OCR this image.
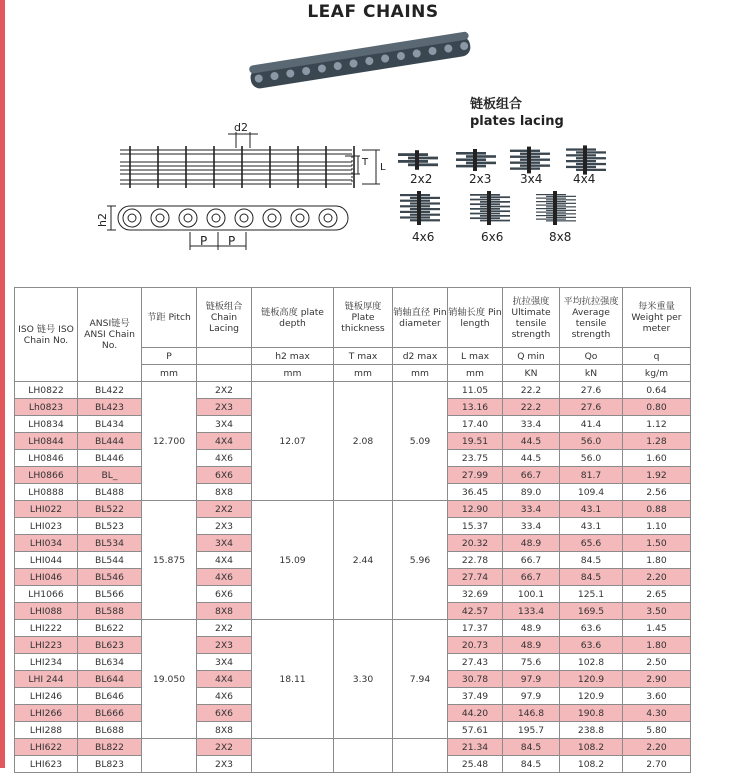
LEAF CHAINS
d2
T L
h2
P P
链板组合
plates lacing
2x2	2x3 3x4	4x4
4x6	6x6	8x8
ISO 链号 ISO Chain No.	ANSI链号 ANSI Chain No.	节距 Pitch	链板组合 Chain Lacing	链板高度 plate depth	链板厚度 Plate thickness	销轴直径 Pin diameter	销轴长度 Pin length	抗拉强度 Ultimate tensile strength	平均抗拉强度 Average tensile strength	每米重量 Weight per meter
		P		h2 max	T max	d2 max	L max	Q min	Qo	q
		mm		mm	mm	mm	mm	KN	kN	kg/m
LH0822	BL422	12.700	2X2	12.07	2.08	5.09	11.05	22.2	27.6	0.64
Lh0823	BL423		2X3				13.16	22.2	27.6	0.80
LH0834	BL434		3X4				17.40	33.4	41.4	1.12
LH0844	BL444		4X4				19.51	44.5	56.0	1.28
LH0846	BL446		4X6				23.75	44.5	56.0	1.60
LH0866	BL_		6X6				27.99	66.7	81.7	1.92
LH0888	BL488		8X8				36.45	89.0	109.4	2.56
LHI022	BL522	15.875	2X2	15.09	2.44	5.96	12.90	33.4	43.1	0.88
LHI023	BL523		2X3				15.37	33.4	43.1	1.10
LHI034	BL534		3X4				20.32	48.9	65.6	1.50
LHI044	BL544		4X4				22.78	66.7	84.5	1.80
LHI046	BL546		4X6				27.74	66.7	84.5	2.20
LH1066	BL566		6X6				32.69	100.1	125.1	2.65
LHI088	BL588		8X8				42.57	133.4	169.5	3.50
LHI222	BL622	19.050	2X2	18.11	3.30	7.94	17.37	48.9	63.6	1.45
LHI223	BL623		2X3				20.73	48.9	63.6	1.80
LHI234	BL634		3X4				27.43	75.6	102.8	2.50
LHI 244	BL644		4X4				30.78	97.9	120.9	2.90
LHI246	BL646		4X6				37.49	97.9	120.9	3.60
LHI266	BL666		6X6				44.20	146.8	190.8	4.30
LHI288	BL688		8X8				57.61	195.7	238.8	5.80
LHI622	BL822		2X2				21.34	84.5	108.2	2.20
LHI623	BL823		2X3				25.48	84.5	108.2	2.70
